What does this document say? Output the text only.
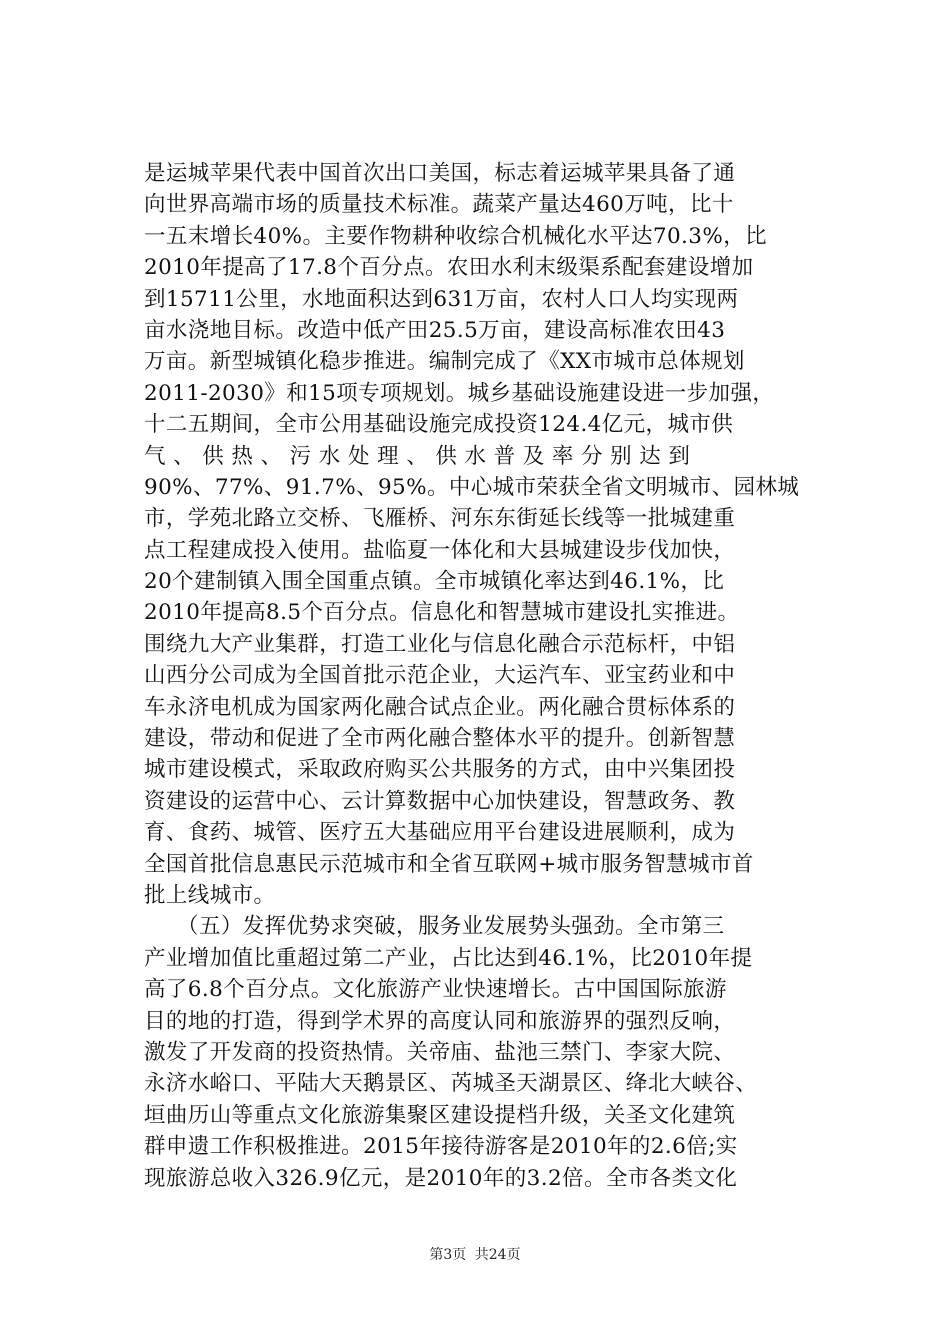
是运城苹果代表中国首次出口美国，标志着运城苹果具备了通
向世界高端市场的质量技术标准。蔬菜产量达460万吨，比十
一五末增长40%。主要作物耕种收综合机械化水平达70.3%，比
2010年提高了17.8个百分点。农田水利末级渠系配套建设增加
到15711公里，水地面积达到631万亩，农村人口人均实现两
亩水浇地目标。改造中低产田25.5万亩，建设高标准农田43
万亩。新型城镇化稳步推进。编制完成了《XX市城市总体规划
2011-2030》和15项专项规划。城乡基础设施建设进一步加强，
十二五期间，全市公用基础设施完成投资124.4亿元，城市供
气 、 供 热 、 污 水 处 理 、 供 水 普 及 率 分 别 达 到
90%、77%、91.7%、95%。中心城市荣获全省文明城市、园林城
市，学苑北路立交桥、飞雁桥、河东东街延长线等一批城建重
点工程建成投入使用。盐临夏一体化和大县城建设步伐加快，
20个建制镇入围全国重点镇。全市城镇化率达到46.1%，比
2010年提高8.5个百分点。信息化和智慧城市建设扎实推进。
围绕九大产业集群，打造工业化与信息化融合示范标杆，中铝
山西分公司成为全国首批示范企业，大运汽车、亚宝药业和中
车永济电机成为国家两化融合试点企业。两化融合贯标体系的
建设，带动和促进了全市两化融合整体水平的提升。创新智慧
城市建设模式，采取政府购买公共服务的方式，由中兴集团投
资建设的运营中心、云计算数据中心加快建设，智慧政务、教
育、食药、城管、医疗五大基础应用平台建设进展顺利，成为
全国首批信息惠民示范城市和全省互联网+城市服务智慧城市首
批上线城市。
　　（五）发挥优势求突破，服务业发展势头强劲。全市第三
产业增加值比重超过第二产业，占比达到46.1%，比2010年提
高了6.8个百分点。文化旅游产业快速增长。古中国国际旅游
目的地的打造，得到学术界的高度认同和旅游界的强烈反响，
激发了开发商的投资热情。关帝庙、盐池三禁门、李家大院、
永济水峪口、平陆大天鹅景区、芮城圣天湖景区、绛北大峡谷、
垣曲历山等重点文化旅游集聚区建设提档升级，关圣文化建筑
群申遗工作积极推进。2015年接待游客是2010年的2.6倍;实
现旅游总收入326.9亿元，是2010年的3.2倍。全市各类文化
第3页 共24页
